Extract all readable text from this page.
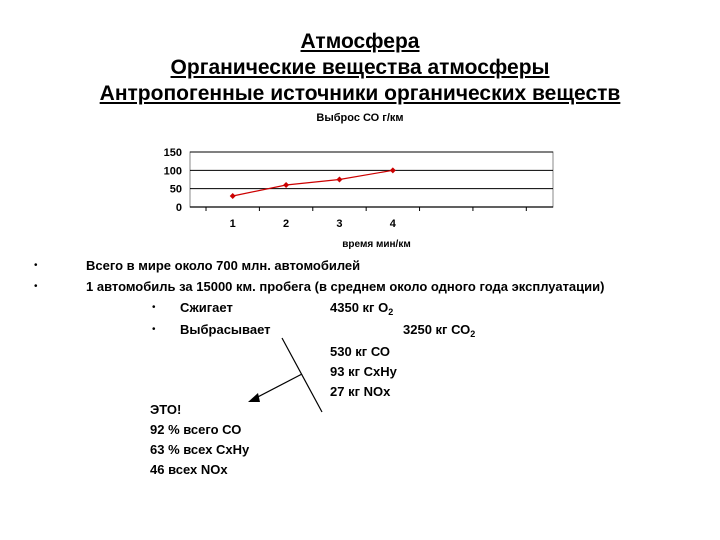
Атмосфера
Органические вещества атмосферы
Антропогенные источники органических веществ
Выброс СО г/км
0
50
100
150
1	2	3	4
время мин/км
•	Всего в мире около 700 млн. автомобилей
•	1 автомобиль за 15000 км. пробега (в среднем около одного года эксплуатации)
• Сжигает	4350 кг $О_2$
• Выбрасывает	3250 кг $СО_2$
530 кг СО
93 кг СхНу
27 кг NOx
ЭТО!
92 % всего СО
63 % всех СхНу
46 всех NOx
